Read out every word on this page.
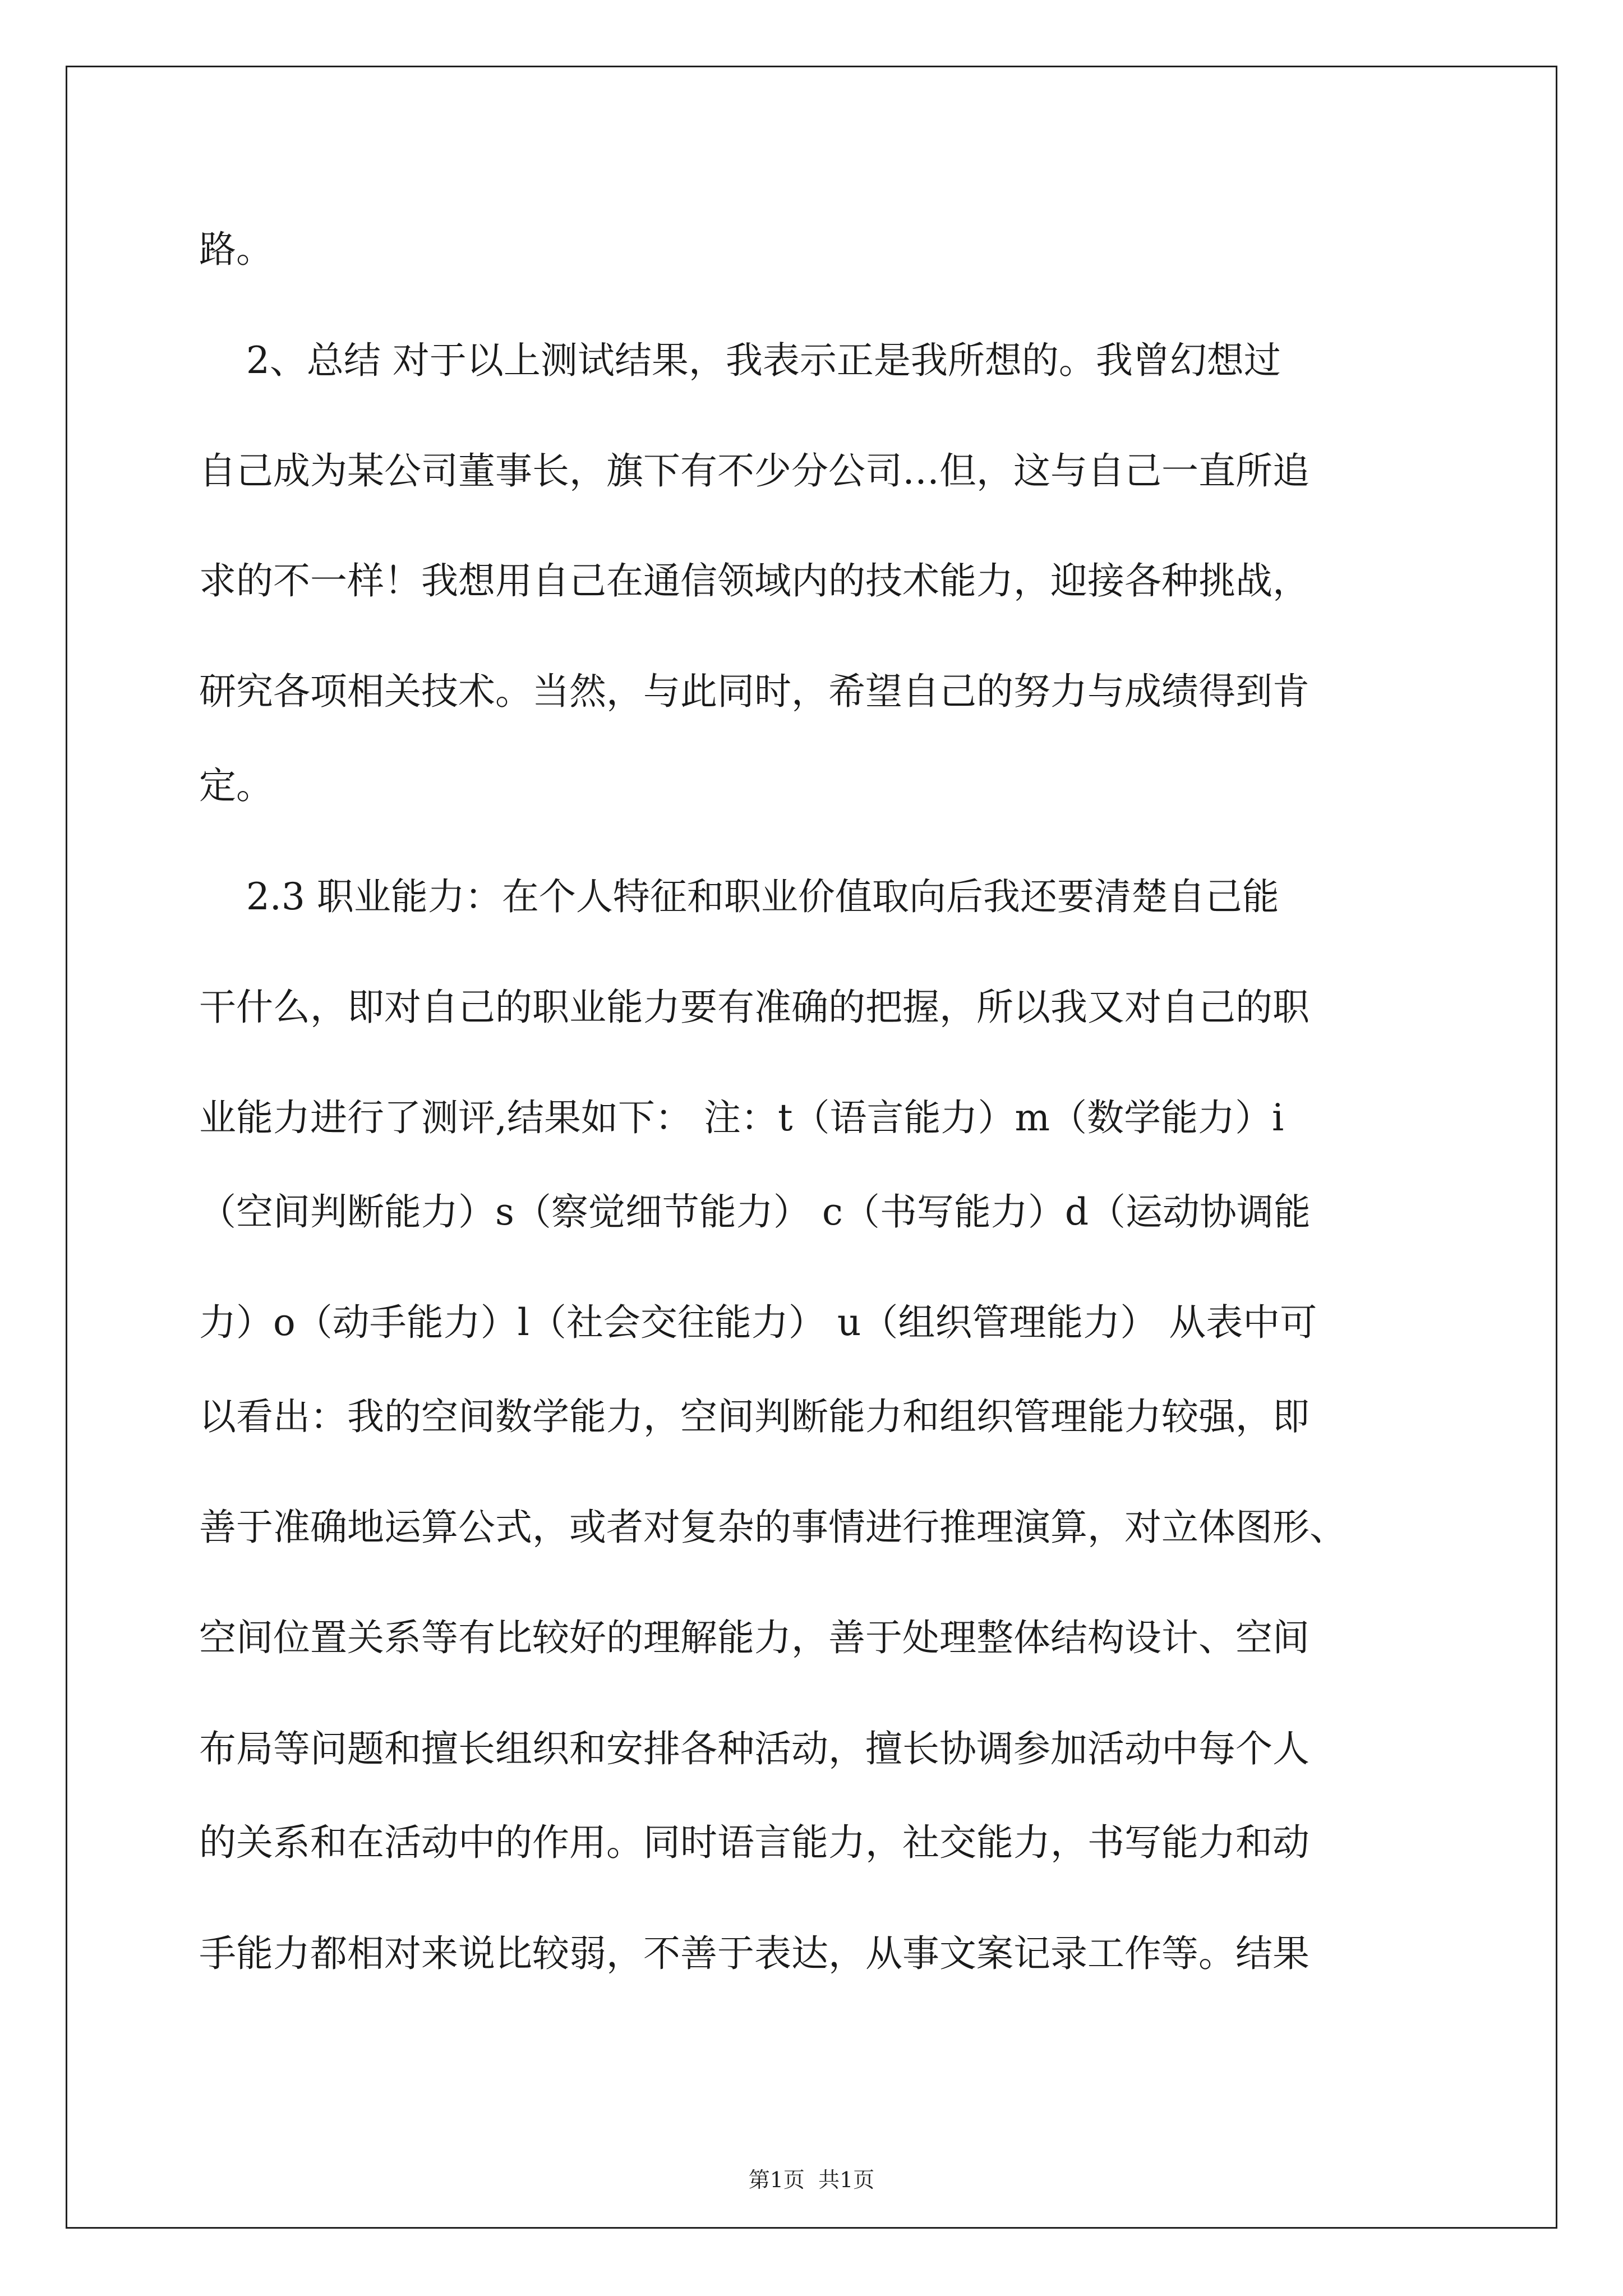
路。
2、总结 对于以上测试结果，我表示正是我所想的。我曾幻想过
自己成为某公司董事长，旗下有不少分公司…但，这与自己一直所追
求的不一样！我想用自己在通信领域内的技术能力，迎接各种挑战，
研究各项相关技术。当然，与此同时，希望自己的努力与成绩得到肯
定。
2.3 职业能力：在个人特征和职业价值取向后我还要清楚自己能
干什么，即对自己的职业能力要有准确的把握，所以我又对自己的职
业能力进行了测评,结果如下： 注：t（语言能力）m（数学能力）i
（空间判断能力）s（察觉细节能力） c（书写能力）d（运动协调能
力）o（动手能力）l（社会交往能力） u（组织管理能力） 从表中可
以看出：我的空间数学能力，空间判断能力和组织管理能力较强，即
善于准确地运算公式，或者对复杂的事情进行推理演算，对立体图形、
空间位置关系等有比较好的理解能力，善于处理整体结构设计、空间
布局等问题和擅长组织和安排各种活动，擅长协调参加活动中每个人
的关系和在活动中的作用。同时语言能力，社交能力，书写能力和动
手能力都相对来说比较弱，不善于表达，从事文案记录工作等。结果
第1页  共1页
